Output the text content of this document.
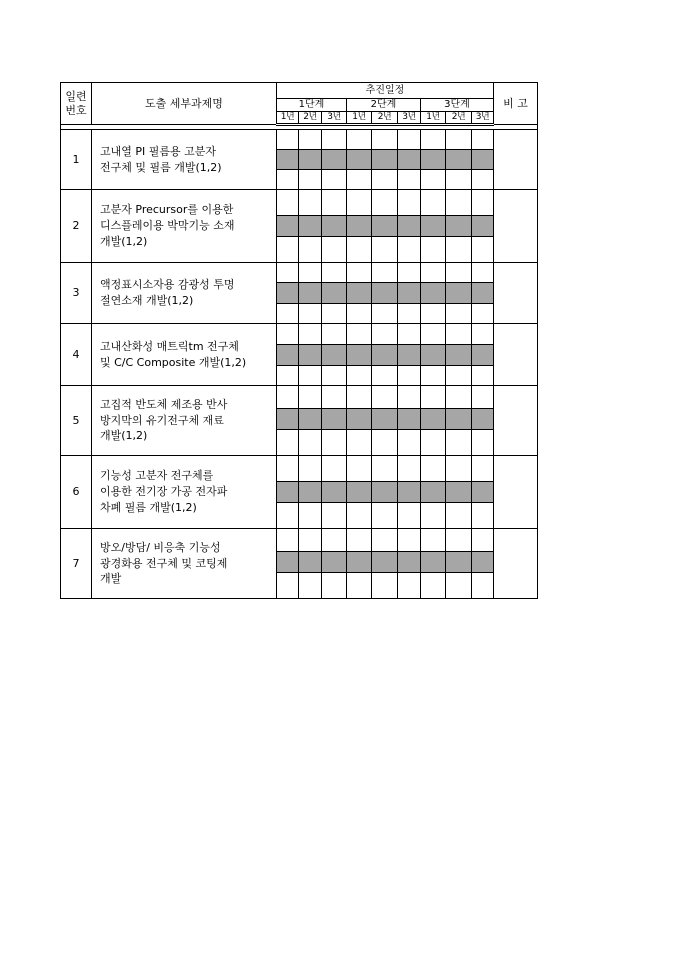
일련
번호	도출 세부과제명	추진일정									비 고
		1단계			2단계			3단계			
		1년	2년	3년	1년	2년	3년	1년	2년	3년	

1	고내열 PI 필름용 고분자
전구체 및 필름 개발(1,2)										

2	고분자 Precursor를 이용한
디스플레이용 박막기능 소재
개발(1,2)										

3	액정표시소자용 감광성 투명
절연소재 개발(1,2)										

4	고내산화성 매트릭tm 전구체
및 C/C Composite 개발(1,2)										

5	고집적 반도체 제조용 반사
방지막의 유기전구체 재료
개발(1,2)										

6	기능성 고분자 전구체를
이용한 전기장 가공 전자파
차폐 필름 개발(1,2)										

7	방오/방담/ 비응축 기능성
광경화용 전구체 및 코팅제
개발										
